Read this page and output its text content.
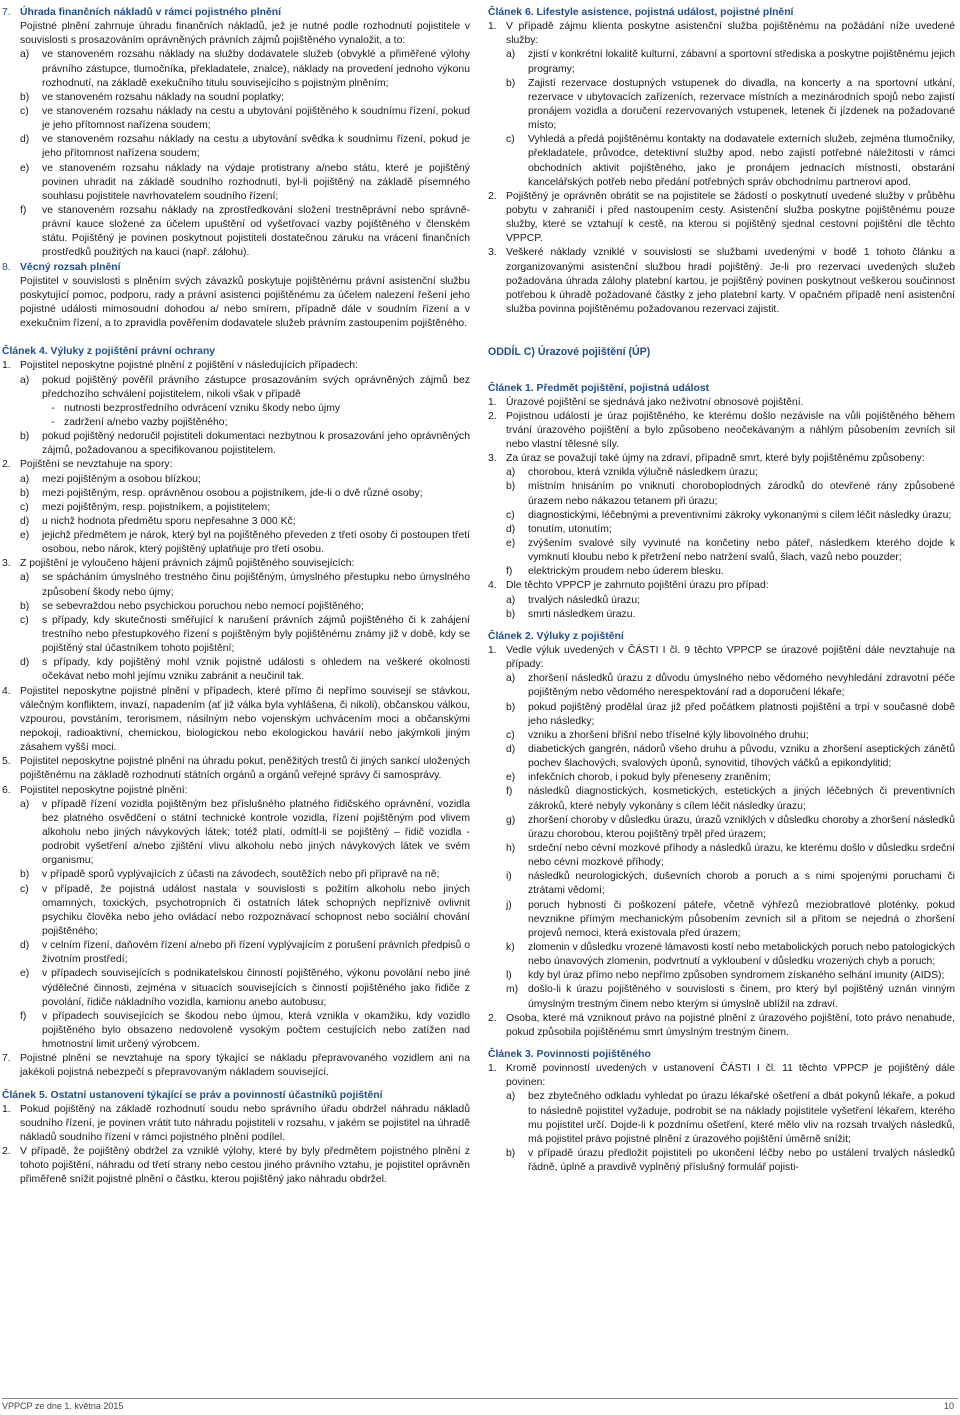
7. Úhrada finančních nákladů v rámci pojistného plnění

Pojistné plnění zahrnuje úhradu finančních nákladů, jež je nutné podle rozhodnutí pojistitele v souvislosti s prosazováním oprávněných právních zájmů pojištěného vynaložit, a to:

a)	ve stanoveném rozsahu náklady na služby dodavatele služeb (obvyklé a přiměřené výlohy právního zástupce, tlumočníka, překladatele, znalce), náklady na provedení jednoho výkonu rozhodnutí, na základě exekučního titulu souvisejícího s pojistným plněním;

b)	ve stanoveném rozsahu náklady na soudní poplatky;

c)	ve stanoveném rozsahu náklady na cestu a ubytování pojištěného k soudnímu řízení, pokud je jeho přítomnost nařízena soudem;

d)	ve stanoveném rozsahu náklady na cestu a ubytování svědka k soudnímu řízení, pokud je jeho přítomnost nařízena soudem;

e)	ve stanoveném rozsahu náklady na výdaje protistrany a/nebo státu, které je pojištěný povinen uhradit na základě soudního rozhodnutí, byl-li pojištěný na základě písemného souhlasu pojistitele navrhovatelem soudního řízení;

f)	ve stanoveném rozsahu náklady na zprostředkování složení trestněprávní nebo správně-právní kauce složené za účelem upuštění od vyšetřovací vazby pojištěného v členském státu. Pojištěný je povinen poskytnout pojistiteli dostatečnou záruku na vrácení finančních prostředků použitých na kauci (např. zálohu).

8. Věcný rozsah plnění

Pojistitel v souvislosti s plněním svých závazků poskytuje pojištěnému právní asistenční službu poskytující pomoc, podporu, rady a právní asistenci pojištěnému za účelem nalezení řešení jeho pojistné události mimosoudní dohodou a/ nebo smírem, případně dále v soudním řízení a v exekučním řízení, a to zpravidla pověřením dodavatele služeb právním zastoupením pojištěného.

Článek 4. Výluky z pojištění právní ochrany

1. Pojistitel neposkytne pojistné plnění z pojištění v následujících případech:

a)	pokud pojištěný pověřil právního zástupce prosazováním svých oprávněných zájmů bez předchozího schválení pojistitelem, nikoli však v případě

- nutnosti bezprostředního odvrácení vzniku škody nebo újmy

- zadržení a/nebo vazby pojištěného;

b)	pokud pojištěný nedoručil pojistiteli dokumentaci nezbytnou k prosazování jeho oprávněných zájmů, požadovanou a specifikovanou pojistitelem.

2. Pojištění se nevztahuje na spory:

a)	mezi pojištěným a osobou blízkou;

b)	mezi pojištěným, resp. oprávněnou osobou a pojistníkem, jde-li o dvě různé osoby;

c)	mezi pojištěným, resp. pojistníkem, a pojistitelem;

d)	u nichž hodnota předmětu sporu nepřesahne 3 000 Kč;

e)	jejichž předmětem je nárok, který byl na pojištěného převeden z třetí osoby či postoupen třetí osobou, nebo nárok, který pojištěný uplatňuje pro třetí osobu.

3. Z pojištění je vyloučeno hájení právních zájmů pojištěného souvisejících:

a)	se spácháním úmyslného trestného činu pojištěným, úmyslného přestupku nebo úmyslného způsobení škody nebo újmy;

b)	se sebevraždou nebo psychickou poruchou nebo nemocí pojištěného;

c)	s případy, kdy skutečnosti směřující k narušení právních zájmů pojištěného či k zahájení trestního nebo přestupkového řízení s pojištěným byly pojištěnému známy již v době, kdy se pojištěný stal účastníkem tohoto pojištění;

d)	s případy, kdy pojištěný mohl vznik pojistné události s ohledem na veškeré okolnosti očekávat nebo mohl jejímu vzniku zabránit a neučinil tak.

4. Pojistitel neposkytne pojistné plnění v případech, které přímo či nepřímo souvisejí se stávkou, válečným konfliktem, invazí, napadením (ať již válka byla vyhlášena, či nikoli), občanskou válkou, vzpourou, povstáním, terorismem, násilným nebo vojenským uchvácením moci a občanskými nepokoji, radioaktivní, chemickou, biologickou nebo ekologickou havárií nebo jakýmkoli jiným zásahem vyšší moci.

5. Pojistitel neposkytne pojistné plnění na úhradu pokut, peněžitých trestů či jiných sankcí uložených pojištěnému na základě rozhodnutí státních orgánů a orgánů veřejné správy či samosprávy.

6. Pojistitel neposkytne pojistné plnění:

a)	v případě řízení vozidla pojištěným bez příslušného platného řidičského oprávnění, vozidla bez platného osvědčení o státní technické kontrole vozidla, řízení pojištěným pod vlivem alkoholu nebo jiných návykových látek; totéž platí, odmítl-li se pojištěný – řidič vozidla - podrobit vyšetření a/nebo zjištění vlivu alkoholu nebo jiných návykových látek ve svém organismu;

b)	v případě sporů vyplývajících z účasti na závodech, soutěžích nebo při přípravě na ně;

c)	v případě, že pojistná událost nastala v souvislosti s požitím alkoholu nebo jiných omamných, toxických, psychotropních či ostatních látek schopných nepříznivě ovlivnit psychiku člověka nebo jeho ovládací nebo rozpoznávací schopnost nebo sociální chování pojištěného;

d)	v celním řízení, daňovém řízení a/nebo při řízení vyplývajícím z porušení právních předpisů o životním prostředí;

e)	v případech souvisejících s podnikatelskou činností pojištěného, výkonu povolání nebo jiné výdělečné činnosti, zejména v situacích souvisejících s činností pojištěného jako řidiče z povolání, řidiče nákladního vozidla, kamionu anebo autobusu;

f)	v případech souvisejících se škodou nebo újmou, která vznikla v okamžiku, kdy vozidlo pojištěného bylo obsazeno nedovoleně vysokým počtem cestujících nebo zatížen nad hmotnostní limit určený výrobcem.

7. Pojistné plnění se nevztahuje na spory týkající se nákladu přepravovaného vozidlem ani na jakékoli pojistná nebezpečí s přepravovaným nákladem související.

Článek 5. Ostatní ustanovení týkající se práv a povinností účastníků pojištění

1. Pokud pojištěný na základě rozhodnutí soudu nebo správního úřadu obdržel náhradu nákladů soudního řízení, je povinen vrátit tuto náhradu pojistiteli v rozsahu, v jakém se pojistitel na úhradě nákladů soudního řízení v rámci pojistného plnění podílel.

2. V případě, že pojištěný obdržel za vzniklé výlohy, které by byly předmětem pojistného plnění z tohoto pojištění, náhradu od třetí strany nebo cestou jiného právního vztahu, je pojistitel oprávněn přiměřeně snížit pojistné plnění o částku, kterou pojištěný jako náhradu obdržel.

Článek 6. Lifestyle asistence, pojistná událost, pojistné plnění

1. V případě zájmu klienta poskytne asistenční služba pojištěnému na požádání níže uvedené služby:

a)	zjistí v konkrétní lokalitě kulturní, zábavní a sportovní střediska a poskytne pojištěnému jejich programy;

b)	Zajistí rezervace dostupných vstupenek do divadla, na koncerty a na sportovní utkání, rezervace v ubytovacích zařízeních, rezervace místních a mezinárodních spojů nebo zajistí pronájem vozidla a doručení rezervovaných vstupenek, letenek či jízdenek na požadované místo;

c)	Vyhledá a předá pojištěnému kontakty na dodavatele externích služeb, zejména tlumočníky, překladatele, průvodce, detektivní služby apod. nebo zajistí potřebné náležitosti v rámci obchodních aktivit pojištěného, jako je pronájem jednacích místností, obstarání kancelářských potřeb nebo předání potřebných správ obchodnímu partnerovi apod.

2. Pojištěný je oprávněn obrátit se na pojistitele se žádostí o poskytnutí uvedené služby v průběhu pobytu v zahraničí i před nastoupením cesty. Asistenční služba poskytne pojištěnému pouze služby, které se vztahují k cestě, na kterou si pojištěný sjednal cestovní pojištění dle těchto VPPCP.

3. Veškeré náklady vzniklé v souvislosti se službami uvedenými v bodě 1 tohoto článku a zorganizovanými asistenční službou hradí pojištěný. Je-li pro rezervaci uvedených služeb požadována úhrada zálohy platební kartou, je pojištěný povinen poskytnout veškerou součinnost potřebou k úhradě požadované částky z jeho platební karty. V opačném případě není asistenční služba povinna pojištěnému požadovanou rezervaci zajistit.

ODDÍL C) Úrazové pojištění (ÚP)

Článek 1. Předmět pojištění, pojistná událost

1. Úrazové pojištění se sjednává jako neživotní obnosové pojištění.

2. Pojistnou událostí je úraz pojištěného, ke kterému došlo nezávisle na vůli pojištěného během trvání úrazového pojištění a bylo způsobeno neočekávaným a náhlým působením zevních sil nebo vlastní tělesné síly.

3. Za úraz se považují také újmy na zdraví, případně smrt, které byly pojištěnému způsobeny:

a)	chorobou, která vznikla výlučně následkem úrazu;

b)	místním hnisáním po vniknutí choroboplodných zárodků do otevřené rány způsobené úrazem nebo nákazou tetanem při úrazu;

c)	diagnostickými, léčebnými a preventivními zákroky vykonanými s cílem léčit následky úrazu;

d)	tonutím, utonutím;

e)	zvýšením svalové síly vyvinuté na končetiny nebo páteř, následkem kterého dojde k vymknutí kloubu nebo k přetržení nebo natržení svalů, šlach, vazů nebo pouzder;

f)	elektrickým proudem nebo úderem blesku.

4. Dle těchto VPPCP je zahrnuto pojištění úrazu pro případ:

a)	trvalých následků úrazu;

b)	smrti následkem úrazu.

Článek 2. Výluky z pojištění

1. Vedle výluk uvedených v ČÁSTI I čl. 9 těchto VPPCP se úrazové pojištění dále nevztahuje na případy:

a)	zhoršení následků úrazu z důvodu úmyslného nebo vědomého nevyhledání zdravotní péče pojištěným nebo vědomého nerespektování rad a doporučení lékaře;

b)	pokud pojištěný prodělal úraz již před počátkem platnosti pojištění a trpí v současné době jeho následky;

c)	vzniku a zhoršení břišní nebo tříselné kýly libovolného druhu;

d)	diabetických gangrén, nádorů všeho druhu a původu, vzniku a zhoršení aseptických zánětů pochev šlachových, svalových úponů, synovitid, tíhových váčků a epikondylitid;

e)	infekčních chorob, i pokud byly přeneseny zraněním;

f)	následků diagnostických, kosmetických, estetických a jiných léčebných či preventivních zákroků, které nebyly vykonány s cílem léčit následky úrazu;

g)	zhoršení choroby v důsledku úrazu, úrazů vzniklých v důsledku choroby a zhoršení následků úrazu chorobou, kterou pojištěný trpěl před úrazem;

h)	srdeční nebo cévní mozkové příhody a následků úrazu, ke kterému došlo v důsledku srdeční nebo cévní mozkové příhody;

i)	následků neurologických, duševních chorob a poruch a s nimi spojenými poruchami či ztrátami vědomí;

j)	poruch hybnosti či poškození páteře, včetně výhřezů meziobratlové ploténky, pokud nevznikne přímým mechanickým působením zevních sil a přitom se nejedná o zhoršení projevů nemoci, která existovala před úrazem;

k)	zlomenin v důsledku vrozené lámavosti kostí nebo metabolických poruch nebo patologických nebo únavových zlomenin, podvrtnutí a vykloubení v důsledku vrozených chyb a poruch;

l)	kdy byl úraz přímo nebo nepřímo způsoben syndromem získaného selhání imunity (AIDS);

m) došlo-li k úrazu pojištěného v souvislosti s činem, pro který byl pojištěný uznán vinným úmyslným trestným činem nebo kterým si úmyslně ublížil na zdraví.

2. Osoba, které má vzniknout právo na pojistné plnění z úrazového pojištění, toto právo nenabude, pokud způsobila pojištěnému smrt úmyslným trestným činem.

Článek 3. Povinnosti pojištěného

1. Kromě povinností uvedených v ustanovení ČÁSTI I čl. 11 těchto VPPCP je pojištěný dále povinen:

a)	bez zbytečného odkladu vyhledat po úrazu lékařské ošetření a dbát pokynů lékaře, a pokud to následně pojistitel vyžaduje, podrobit se na náklady pojistitele vyšetření lékařem, kterého mu pojistitel určí. Dojde-li k pozdnímu ošetření, které mělo vliv na rozsah trvalých následků, má pojistitel právo pojistné plnění z úrazového pojištění úměrně snížit;

b)	v případě úrazu předložit pojistiteli po ukončení léčby nebo po ustálení trvalých následků řádně, úplně a pravdivě vyplněný příslušný formulář pojisti-

VPPCP ze dne 1. května 2015	10
